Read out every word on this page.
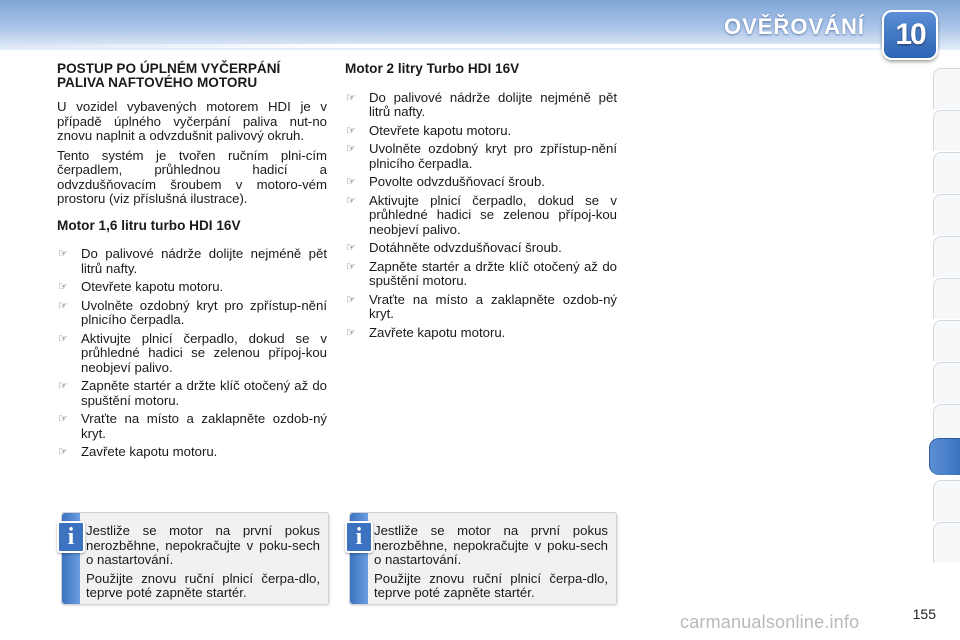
OVĚŘOVÁNÍ 10
POSTUP PO ÚPLNÉM VYČERPÁNÍ PALIVA NAFTOVÉHO MOTORU

U vozidel vybavených motorem HDI je v případě úplného vyčerpání paliva nut-no znovu naplnit a odvzdušnit palivový okruh.

Tento systém je tvořen ručním plni-cím čerpadlem, průhlednou hadicí a odvzdušňovacím šroubem v motoro-vém prostoru (viz příslušná ilustrace).

Motor 1,6 litru turbo HDI 16V
☞ Do palivové nádrže dolijte nejméně pět litrů nafty.
☞ Otevřete kapotu motoru.
☞ Uvolněte ozdobný kryt pro zpřístup-nění plnicího čerpadla.
☞ Aktivujte plnicí čerpadlo, dokud se v průhledné hadici se zelenou přípoj-kou neobjeví palivo.
☞ Zapněte startér a držte klíč otočený až do spuštění motoru.
☞ Vraťte na místo a zaklapněte ozdob-ný kryt.
☞ Zavřete kapotu motoru.
Motor 2 litry Turbo HDI 16V
☞ Do palivové nádrže dolijte nejméně pět litrů nafty.
☞ Otevřete kapotu motoru.
☞ Uvolněte ozdobný kryt pro zpřístup-nění plnicího čerpadla.
☞ Povolte odvzdušňovací šroub.
☞ Aktivujte plnicí čerpadlo, dokud se v průhledné hadici se zelenou přípoj-kou neobjeví palivo.
☞ Dotáhněte odvzdušňovací šroub.
☞ Zapněte startér a držte klíč otočený až do spuštění motoru.
☞ Vraťte na místo a zaklapněte ozdob-ný kryt.
☞ Zavřete kapotu motoru.
i Jestliže se motor na první pokus nerozběhne, nepokračujte v poku-sech o nastartování.

Použijte znovu ruční plnicí čerpa-dlo, teprve poté zapněte startér.

i Jestliže se motor na první pokus nerozběhne, nepokračujte v poku-sech o nastartování.

Použijte znovu ruční plnicí čerpa-dlo, teprve poté zapněte startér.

155
carmanualsonline.info
